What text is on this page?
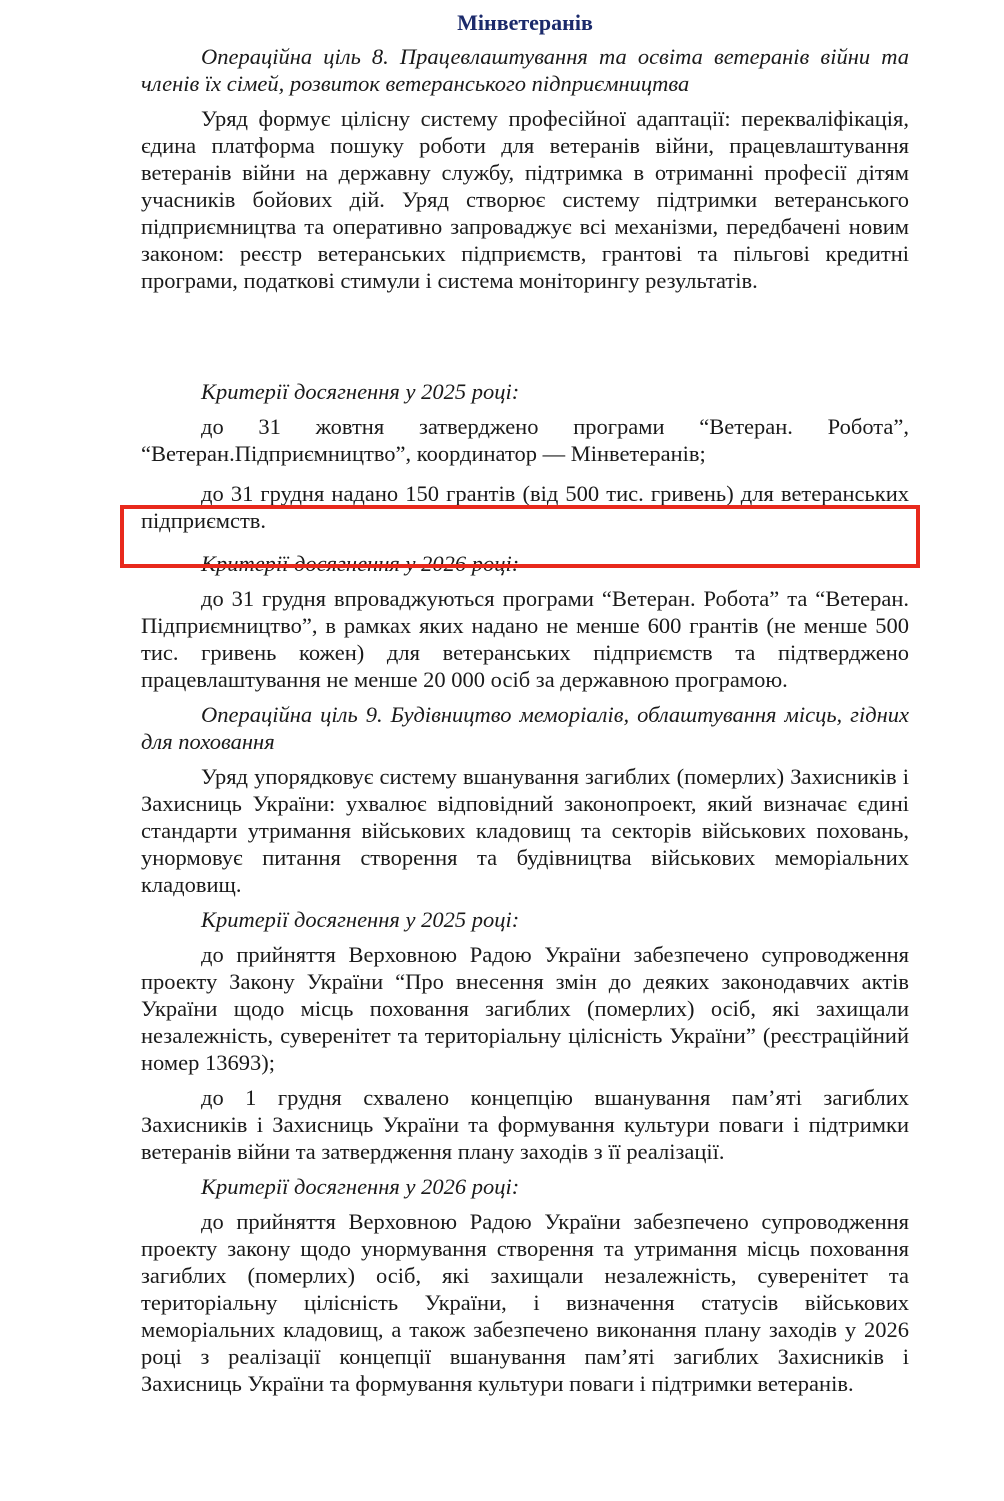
Мінветеранів

Операційна ціль 8. Працевлаштування та освіта ветеранів війни та членів їх сімей, розвиток ветеранського підприємництва

Уряд формує цілісну систему професійної адаптації: перекваліфікація, єдина платформа пошуку роботи для ветеранів війни, працевлаштування ветеранів війни на державну службу, підтримка в отриманні професії дітям учасників бойових дій. Уряд створює систему підтримки ветеранського підприємництва та оперативно запроваджує всі механізми, передбачені новим законом: реєстр ветеранських підприємств, грантові та пільгові кредитні програми, податкові стимули і система моніторингу результатів.

Критерії досягнення у 2025 році:

до 31 жовтня затверджено програми “Ветеран. Робота”, “Ветеран.Підприємництво”, координатор — Мінветеранів;

до 31 грудня надано 150 грантів (від 500 тис. гривень) для ветеранських підприємств.

Критерії досягнення у 2026 році:

до 31 грудня впроваджуються програми “Ветеран. Робота” та “Ветеран. Підприємництво”, в рамках яких надано не менше 600 грантів (не менше 500 тис. гривень кожен) для ветеранських підприємств та підтверджено працевлаштування не менше 20 000 осіб за державною програмою.

Операційна ціль 9. Будівництво меморіалів, облаштування місць, гідних для поховання

Уряд упорядковує систему вшанування загиблих (померлих) Захисників і Захисниць України: ухвалює відповідний законопроект, який визначає єдині стандарти утримання військових кладовищ та секторів військових поховань, унормовує питання створення та будівництва військових меморіальних кладовищ.

Критерії досягнення у 2025 році:

до прийняття Верховною Радою України забезпечено супроводження проекту Закону України “Про внесення змін до деяких законодавчих актів України щодо місць поховання загиблих (померлих) осіб, які захищали незалежність, суверенітет та територіальну цілісність України” (реєстраційний номер 13693);

до 1 грудня схвалено концепцію вшанування пам’яті загиблих Захисників і Захисниць України та формування культури поваги і підтримки ветеранів війни та затвердження плану заходів з її реалізації.

Критерії досягнення у 2026 році:

до прийняття Верховною Радою України забезпечено супроводження проекту закону щодо унормування створення та утримання місць поховання загиблих (померлих) осіб, які захищали незалежність, суверенітет та територіальну цілісність України, і визначення статусів військових меморіальних кладовищ, а також забезпечено виконання плану заходів у 2026 році з реалізації концепції вшанування пам’яті загиблих Захисників і Захисниць України та формування культури поваги і підтримки ветеранів.
